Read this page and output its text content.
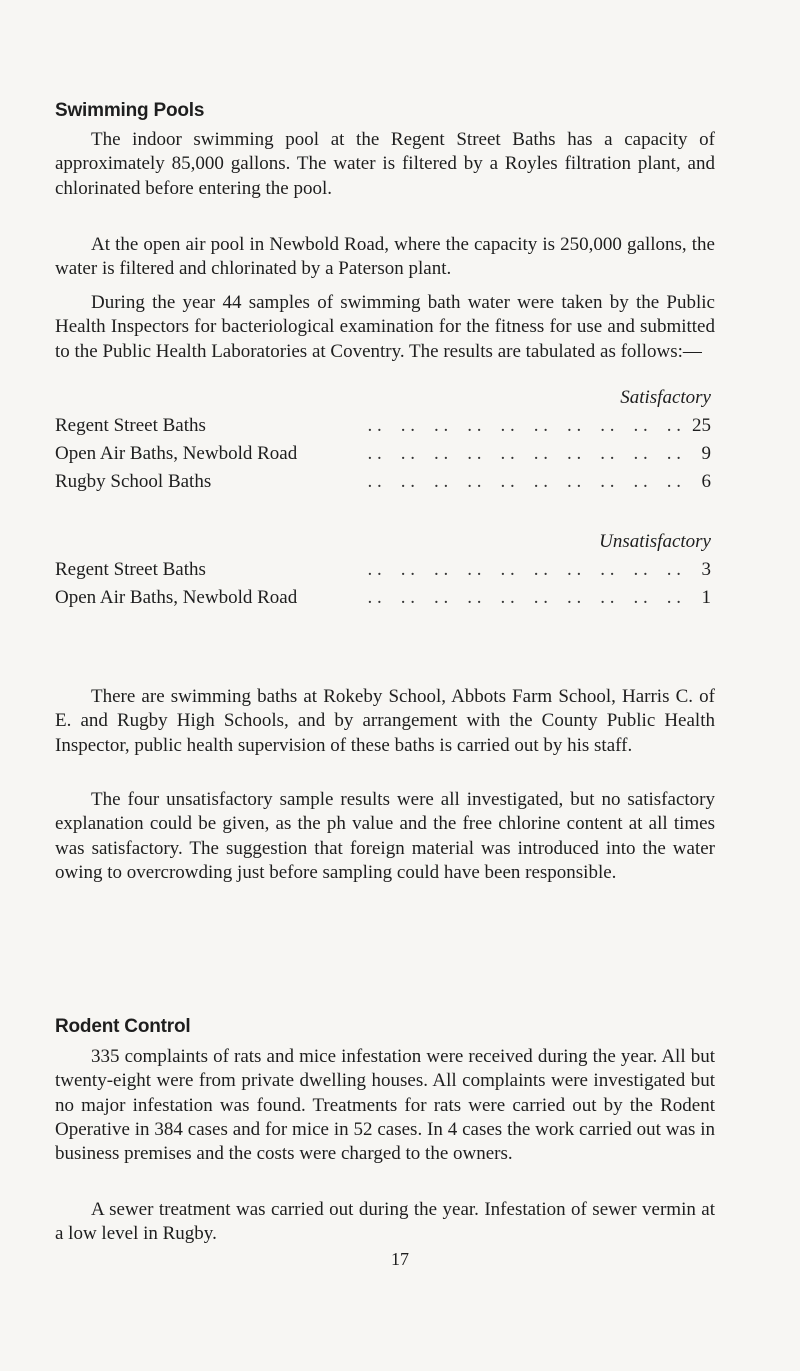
Swimming Pools

The indoor swimming pool at the Regent Street Baths has a capacity of approximately 85,000 gallons. The water is filtered by a Royles filtration plant, and chlorinated before entering the pool.

At the open air pool in Newbold Road, where the capacity is 250,000 gallons, the water is filtered and chlorinated by a Paterson plant.

During the year 44 samples of swimming bath water were taken by the Public Health Inspectors for bacteriological examination for the fitness for use and submitted to the Public Health Laboratories at Coventry. The results are tabulated as follows:—

Satisfactory
Regent Street Baths . .	25
Open Air Baths, Newbold Road . .	9
Rugby School Baths . .	6
Unsatisfactory
Regent Street Baths . .	3
Open Air Baths, Newbold Road . .	1

There are swimming baths at Rokeby School, Abbots Farm School, Harris C. of E. and Rugby High Schools, and by arrangement with the County Public Health Inspector, public health supervision of these baths is carried out by his staff.

The four unsatisfactory sample results were all investigated, but no satisfactory explanation could be given, as the ph value and the free chlorine content at all times was satisfactory. The suggestion that foreign material was introduced into the water owing to overcrowding just before sampling could have been responsible.

Rodent Control

335 complaints of rats and mice infestation were received during the year. All but twenty-eight were from private dwelling houses. All complaints were investigated but no major infestation was found. Treatments for rats were carried out by the Rodent Operative in 384 cases and for mice in 52 cases. In 4 cases the work carried out was in business premises and the costs were charged to the owners.

A sewer treatment was carried out during the year. Infestation of sewer vermin at a low level in Rugby.

17
